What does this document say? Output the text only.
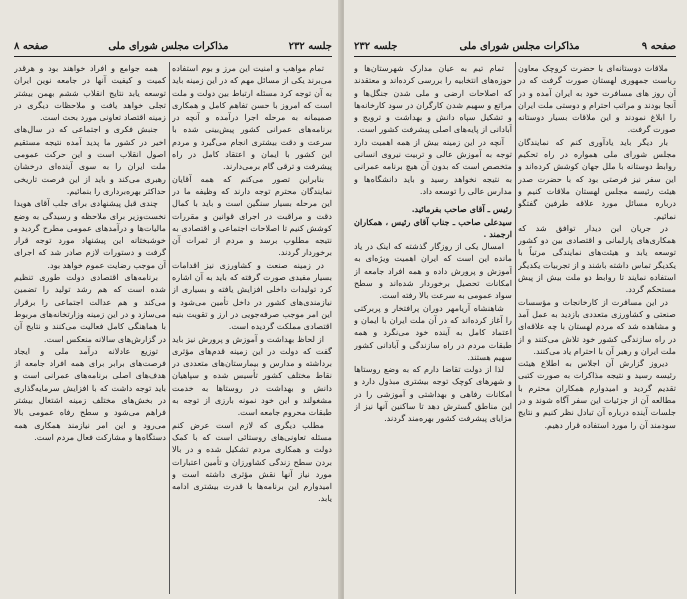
جلسه ۲۳۲
مذاکرات مجلس شورای ملی
صفحه ۸

تمام مواهب و امنیت این مرز و بوم استفاده می‌برند یکی از مسائل مهم که در این زمینه باید به آن توجه کرد مسئله ارتباط بین دولت و ملت است که امروز با حسن تفاهم کامل و همکاری صمیمانه به مرحله اجرا درآمده و آنچه در برنامه‌های عمرانی کشور پیش‌بینی شده با سرعت و دقت بیشتری انجام می‌گیرد و مردم این کشور با ایمان و اعتقاد کامل در راه پیشرفت و ترقی گام برمی‌دارند.

بنابراین تصور می‌کنم که همه آقایان نمایندگان محترم توجه دارند که وظیفه ما در این مرحله بسیار سنگین است و باید با کمال دقت و مراقبت در اجرای قوانین و مقررات کوشش کنیم تا اصلاحات اجتماعی و اقتصادی به نتیجه مطلوب برسد و مردم از ثمرات آن برخوردار گردند.

در زمینه صنعت و کشاورزی نیز اقدامات بسیار مفیدی صورت گرفته که باید به آن اشاره کرد تولیدات داخلی افزایش یافته و بسیاری از نیازمندی‌های کشور در داخل تأمین می‌شود و این امر موجب صرفه‌جویی در ارز و تقویت بنیه اقتصادی مملکت گردیده است.

از لحاظ بهداشت و آموزش و پرورش نیز باید گفت که دولت در این زمینه قدم‌های مؤثری برداشته و مدارس و بیمارستان‌های متعددی در نقاط مختلف کشور تأسیس شده و سپاهیان دانش و بهداشت در روستاها به خدمت مشغولند و این خود نمونه بارزی از توجه به طبقات محروم جامعه است.

مطلب دیگری که لازم است عرض کنم مسئله تعاونی‌های روستائی است که با کمک دولت و همکاری مردم تشکیل شده و در بالا بردن سطح زندگی کشاورزان و تأمین اعتبارات مورد نیاز آنها نقش مؤثری داشته است و امیدوارم این برنامه‌ها با قدرت بیشتری ادامه یابد.

همه جوامع و افراد خواهند بود و هرقدر کمیت و کیفیت آنها در جامعه نوین ایران توسعه یابد نتایج انقلاب ششم بهمن بیشتر تجلی خواهد یافت و ملاحظات دیگری در زمینه اقتصاد تعاونی مورد بحث است.

جنبش فکری و اجتماعی که در سال‌های اخیر در کشور ما پدید آمده نتیجه مستقیم اصول انقلاب است و این حرکت عمومی ملت ایران را به سوی آینده‌ای درخشان رهبری می‌کند و باید از این فرصت تاریخی حداکثر بهره‌برداری را بنمائیم.

چندی قبل پیشنهادی برای جلب آقای هویدا نخست‌وزیر برای ملاحظه و رسیدگی به وضع مالیات‌ها و درآمدهای عمومی مطرح گردید و خوشبختانه این پیشنهاد مورد توجه قرار گرفت و دستورات لازم صادر شد که اجرای آن موجب رضایت عموم خواهد بود.

برنامه‌های اقتصادی دولت طوری تنظیم شده است که هم رشد تولید را تضمین می‌کند و هم عدالت اجتماعی را برقرار می‌سازد و در این زمینه وزارتخانه‌های مربوط با هماهنگی کامل فعالیت می‌کنند و نتایج آن در گزارش‌های سالانه منعکس است.

توزیع عادلانه درآمد ملی و ایجاد فرصت‌های برابر برای همه افراد جامعه از هدف‌های اصلی برنامه‌های عمرانی است و باید توجه داشت که با افزایش سرمایه‌گذاری در بخش‌های مختلف زمینه اشتغال بیشتر فراهم می‌شود و سطح رفاه عمومی بالا می‌رود و این امر نیازمند همکاری همه دستگاه‌ها و مشارکت فعال مردم است.

صفحه ۹
مذاکرات مجلس شورای ملی
جلسه ۲۳۲

ملاقات دوستانه‌ای با حضرت کروچک معاون ریاست جمهوری لهستان صورت گرفت که در آن روز های مسافرت خود به ایران آمده و در آنجا بودند و مراتب احترام و دوستی ملت ایران را ابلاغ نمودند و این ملاقات بسیار دوستانه صورت گرفت.

بار دیگر باید یادآوری کنم که نمایندگان مجلس شورای ملی همواره در راه تحکیم روابط دوستانه با ملل جهان کوشش کرده‌اند و این سفر نیز فرصتی بود که با حضرت صدر هیئت رئیسه مجلس لهستان ملاقات کنیم و درباره مسائل مورد علاقه طرفین گفتگو نمائیم.

در جریان این دیدار توافق شد که همکاری‌های پارلمانی و اقتصادی بین دو کشور توسعه یابد و هیئت‌های نمایندگی مرتباً با یکدیگر تماس داشته باشند و از تجربیات یکدیگر استفاده نمایند تا روابط دو ملت بیش از پیش مستحکم گردد.

در این مسافرت از کارخانجات و مؤسسات صنعتی و کشاورزی متعددی بازدید به عمل آمد و مشاهده شد که مردم لهستان با چه علاقه‌ای در راه سازندگی کشور خود تلاش می‌کنند و از ملت ایران و رهبر آن با احترام یاد می‌کنند.

دیروز گزارش آن اجلاس به اطلاع هیئت رئیسه رسید و نتیجه مذاکرات به صورت کتبی تقدیم گردید و امیدوارم همکاران محترم با مطالعه آن از جزئیات این سفر آگاه شوند و در جلسات آینده درباره آن تبادل نظر کنیم و نتایج سودمند آن را مورد استفاده قرار دهیم.

تمام تیم به عیان مدارک شهرستان‌ها و حوزه‌های انتخابیه را بررسی کرده‌اند و معتقدند که اصلاحات ارضی و ملی شدن جنگل‌ها و مراتع و سهیم شدن کارگران در سود کارخانه‌ها و تشکیل سپاه دانش و بهداشت و ترویج و آبادانی از پایه‌های اصلی پیشرفت کشور است.

آنچه در این زمینه بیش از همه اهمیت دارد توجه به آموزش عالی و تربیت نیروی انسانی متخصص است که بدون آن هیچ برنامه عمرانی به نتیجه نخواهد رسید و باید دانشگاه‌ها و مدارس عالی را توسعه داد.

رئیس ـ آقای صاحب بفرمائید.

سیدعلی صاحب ـ جناب آقای رئیس ، همکاران ارجمند .

امسال یکی از روزگار گذشته که اینک در یاد مانده این است که ایران اهمیت ویژه‌ای به آموزش و پرورش داده و همه افراد جامعه از امکانات تحصیل برخوردار شده‌اند و سطح سواد عمومی به سرعت بالا رفته است.

شاهنشاه آریامهر دوران پرافتخار و پربرکتی را آغاز کرده‌اند که در آن ملت ایران با ایمان و اعتماد کامل به آینده خود می‌نگرد و همه طبقات مردم در راه سازندگی و آبادانی کشور سهیم هستند.

لذا از دولت تقاضا دارم که به وضع روستاها و شهرهای کوچک توجه بیشتری مبذول دارد و امکانات رفاهی و بهداشتی و آموزشی را در این مناطق گسترش دهد تا ساکنین آنها نیز از مزایای پیشرفت کشور بهره‌مند گردند.
